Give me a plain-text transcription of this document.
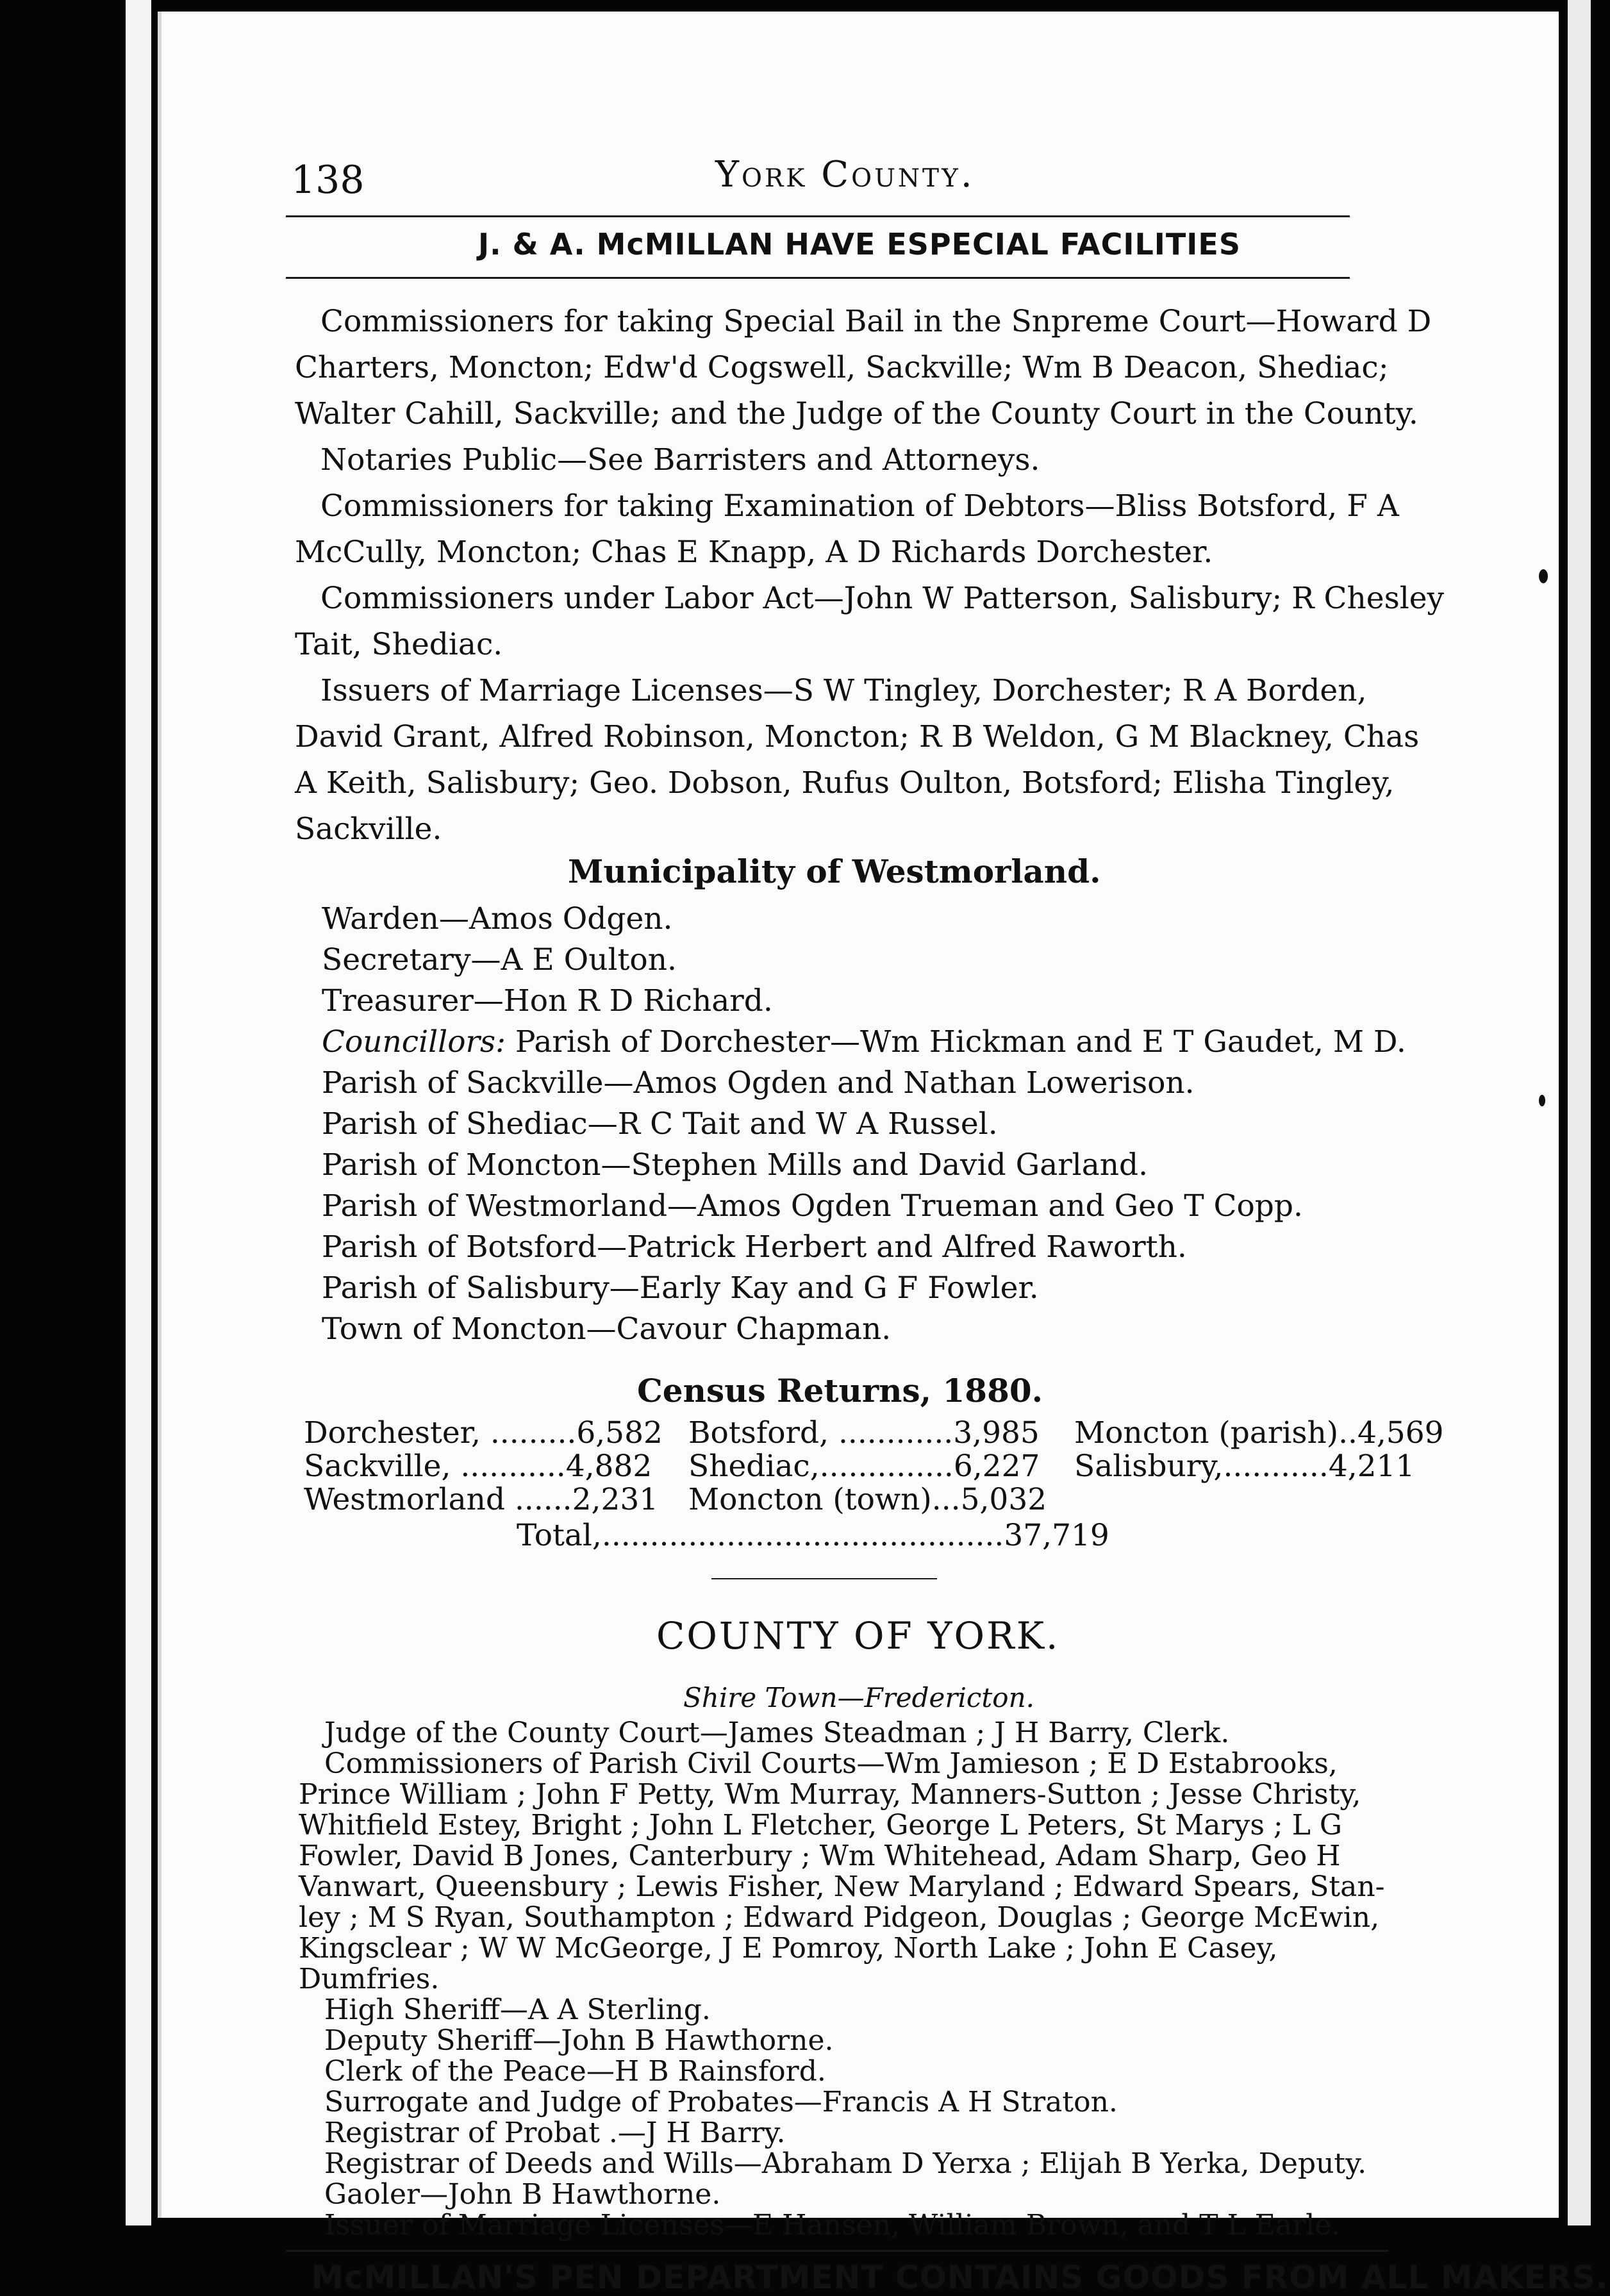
138	York County.
J. & A. McMILLAN HAVE ESPECIAL FACILITIES
Commissioners for taking Special Bail in the Snpreme Court—Howard D
Charters, Moncton; Edw'd Cogswell, Sackville; Wm B Deacon, Shediac;
Walter Cahill, Sackville; and the Judge of the County Court in the County.
Notaries Public—See Barristers and Attorneys.
Commissioners for taking Examination of Debtors—Bliss Botsford, F A
McCully, Moncton; Chas E Knapp, A D Richards Dorchester.
Commissioners under Labor Act—John W Patterson, Salisbury; R Chesley
Tait, Shediac.
Issuers of Marriage Licenses—S W Tingley, Dorchester; R A Borden,
David Grant, Alfred Robinson, Moncton; R B Weldon, G M Blackney, Chas
A Keith, Salisbury; Geo. Dobson, Rufus Oulton, Botsford; Elisha Tingley,
Sackville.
Municipality of Westmorland.
Warden—Amos Odgen.
Secretary—A E Oulton.
Treasurer—Hon R D Richard.
Councillors: Parish of Dorchester—Wm Hickman and E T Gaudet, M D.
Parish of Sackville—Amos Ogden and Nathan Lowerison.
Parish of Shediac—R C Tait and W A Russel.
Parish of Moncton—Stephen Mills and David Garland.
Parish of Westmorland—Amos Ogden Trueman and Geo T Copp.
Parish of Botsford—Patrick Herbert and Alfred Raworth.
Parish of Salisbury—Early Kay and G F Fowler.
Town of Moncton—Cavour Chapman.
Census Returns, 1880.
Dorchester, .........6,582
Sackville, ...........4,882
Westmorland ......2,231
Botsford, ............3,985
Shediac,..............6,227
Moncton (town)...5,032
Moncton (parish)..4,569
Salisbury,...........4,211
Total,..........................................37,719
COUNTY OF YORK.
Shire Town—Fredericton.
Judge of the County Court—James Steadman ; J H Barry, Clerk.
Commissioners of Parish Civil Courts—Wm Jamieson ; E D Estabrooks,
Prince William ; John F Petty, Wm Murray, Manners-Sutton ; Jesse Christy,
Whitfield Estey, Bright ; John L Fletcher, George L Peters, St Marys ; L G
Fowler, David B Jones, Canterbury ; Wm Whitehead, Adam Sharp, Geo H
Vanwart, Queensbury ; Lewis Fisher, New Maryland ; Edward Spears, Stan-
ley ; M S Ryan, Southampton ; Edward Pidgeon, Douglas ; George McEwin,
Kingsclear ; W W McGeorge, J E Pomroy, North Lake ; John E Casey,
Dumfries.
McMILLAN'S PEN DEPARTMENT CONTAINS GOODS FROM ALL MAKERS.
High Sheriff—A A Sterling.
Deputy Sheriff—John B Hawthorne.
Clerk of the Peace—H B Rainsford.
Surrogate and Judge of Probates—Francis A H Straton.
Registrar of Probat .—J H Barry.
Registrar of Deeds and Wills—Abraham D Yerxa ; Elijah B Yerka, Deputy.
Gaoler—John B Hawthorne.
Issuer of Marriage Licenses—E Hansen, William Brown, and T L Earle.
